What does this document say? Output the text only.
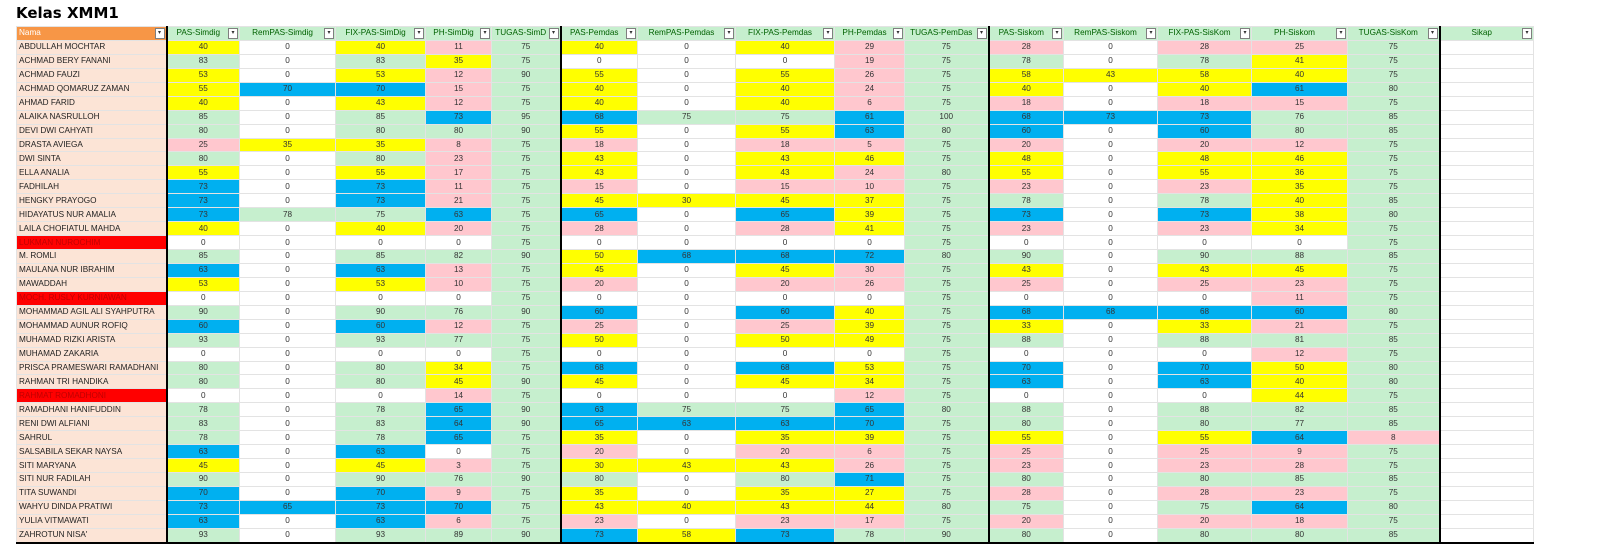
Kelas XMM1
Nama ▾	PAS-Simdig ▾	RemPAS-Simdig ▾	FIX-PAS-SimDig ▾	PH-SimDig ▾	TUGAS-SimD ▾	PAS-Pemdas ▾	RemPAS-Pemdas ▾	FIX-PAS-Pemdas ▾	PH-Pemdas ▾	TUGAS-PemDas ▾	PAS-Siskom ▾	RemPAS-Siskom ▾	FIX-PAS-SisKom ▾	PH-Siskom ▾	TUGAS-SisKom ▾	Sikap ▾

ABDULLAH MOCHTAR	40	0	40	11	75	40	0	40	29	75	28	0	28	25	75	
ACHMAD BERY FANANI	83	0	83	35	75	0	0	0	19	75	78	0	78	41	75	
ACHMAD FAUZI	53	0	53	12	90	55	0	55	26	75	58	43	58	40	75	
ACHMAD QOMARUZ ZAMAN	55	70	70	15	75	40	0	40	24	75	40	0	40	61	80	
AHMAD FARID	40	0	43	12	75	40	0	40	6	75	18	0	18	15	75	
ALAIKA NASRULLOH	85	0	85	73	95	68	75	75	61	100	68	73	73	76	85	
DEVI DWI CAHYATI	80	0	80	80	90	55	0	55	63	80	60	0	60	80	85	
DRASTA AVIEGA	25	35	35	8	75	18	0	18	5	75	20	0	20	12	75	
DWI SINTA	80	0	80	23	75	43	0	43	46	75	48	0	48	46	75	
ELLA ANALIA	55	0	55	17	75	43	0	43	24	80	55	0	55	36	75	
FADHILAH	73	0	73	11	75	15	0	15	10	75	23	0	23	35	75	
HENGKY PRAYOGO	73	0	73	21	75	45	30	45	37	75	78	0	78	40	85	
HIDAYATUS NUR AMALIA	73	78	75	63	75	65	0	65	39	75	73	0	73	38	80	
LAILA CHOFIATUL MAHDA	40	0	40	20	75	28	0	28	41	75	23	0	23	34	75	
LUKMAN NUROCHIM	0	0	0	0	75	0	0	0	0	75	0	0	0	0	75	
M. ROMLI	85	0	85	82	90	50	68	68	72	80	90	0	90	88	85	
MAULANA NUR IBRAHIM	63	0	63	13	75	45	0	45	30	75	43	0	43	45	75	
MAWADDAH	53	0	53	10	75	20	0	20	26	75	25	0	25	23	75	
MOCH. RUSLY KURNIAWAN	0	0	0	0	75	0	0	0	0	75	0	0	0	11	75	
MOHAMMAD AGIL ALI SYAHPUTRA	90	0	90	76	90	60	0	60	40	75	68	68	68	60	80	
MOHAMMAD AUNUR ROFIQ	60	0	60	12	75	25	0	25	39	75	33	0	33	21	75	
MUHAMAD RIZKI ARISTA	93	0	93	77	75	50	0	50	49	75	88	0	88	81	85	
MUHAMAD ZAKARIA	0	0	0	0	75	0	0	0	0	75	0	0	0	12	75	
PRISCA PRAMESWARI RAMADHANI	80	0	80	34	75	68	0	68	53	75	70	0	70	50	80	
RAHMAN TRI HANDIKA	80	0	80	45	90	45	0	45	34	75	63	0	63	40	80	
RAHMAT ROMADHONI	0	0	0	14	75	0	0	0	12	75	0	0	0	44	75	
RAMADHANI HANIFUDDIN	78	0	78	65	90	63	75	75	65	80	88	0	88	82	85	
RENI DWI ALFIANI	83	0	83	64	90	65	63	63	70	75	80	0	80	77	85	
SAHRUL	78	0	78	65	75	35	0	35	39	75	55	0	55	64	8	
SALSABILA SEKAR NAYSA	63	0	63	0	75	20	0	20	6	75	25	0	25	9	75	
SITI MARYANA	45	0	45	3	75	30	43	43	26	75	23	0	23	28	75	
SITI NUR FADILAH	90	0	90	76	90	80	0	80	71	75	80	0	80	85	85	
TITA SUWANDI	70	0	70	9	75	35	0	35	27	75	28	0	28	23	75	
WAHYU DINDA PRATIWI	73	65	73	70	75	43	40	43	44	80	75	0	75	64	80	
YULIA VITMAWATI	63	0	63	6	75	23	0	23	17	75	20	0	20	18	75	
ZAHROTUN NISA'	93	0	93	89	90	73	58	73	78	90	80	0	80	80	85	
